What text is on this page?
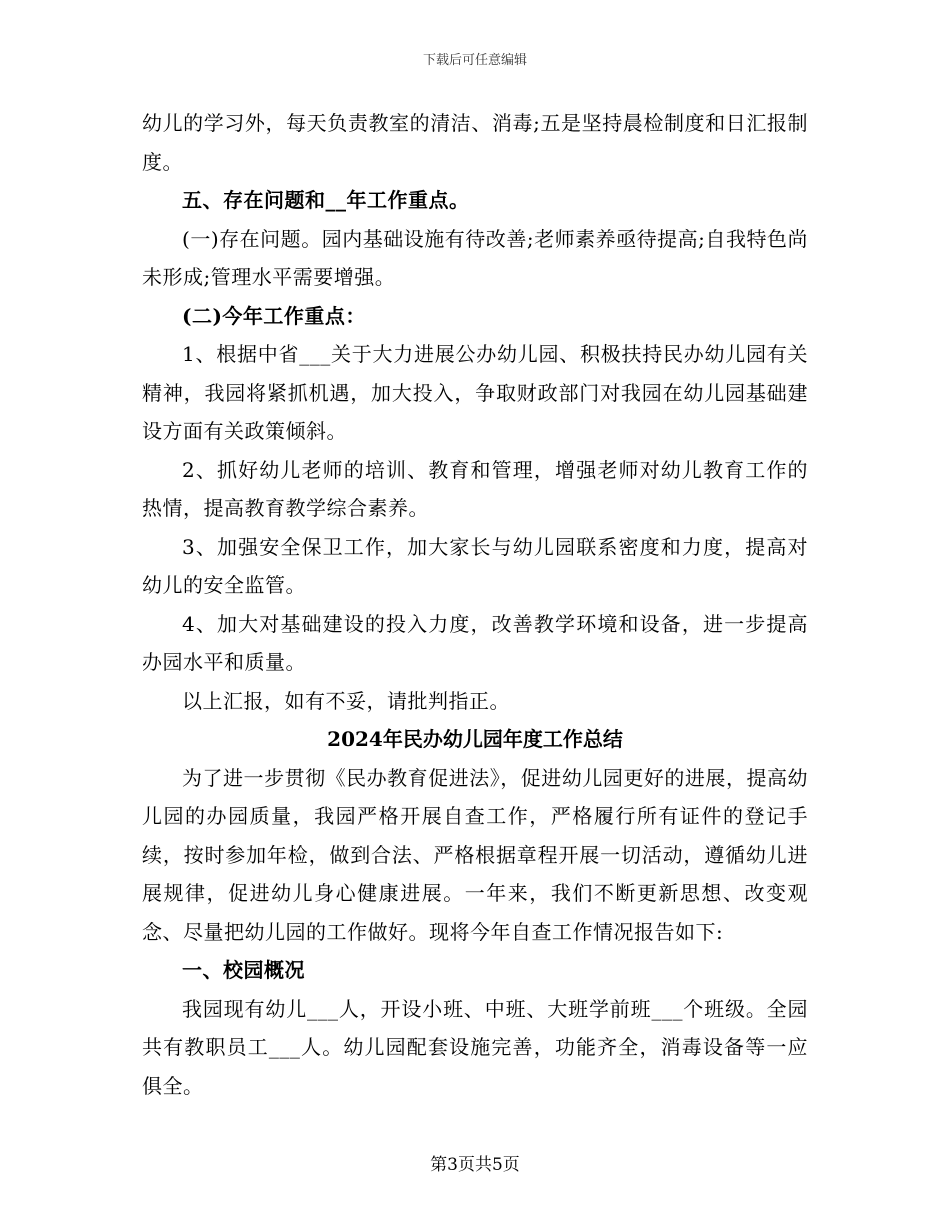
下载后可任意编辑

幼儿的学习外，每天负责教室的清洁、消毒;五是坚持晨检制度和日汇报制度。

五、存在问题和__年工作重点。

(一)存在问题。园内基础设施有待改善;老师素养亟待提高;自我特色尚未形成;管理水平需要增强。

(二)今年工作重点：

1、根据中省___关于大力进展公办幼儿园、积极扶持民办幼儿园有关精神，我园将紧抓机遇，加大投入，争取财政部门对我园在幼儿园基础建设方面有关政策倾斜。

2、抓好幼儿老师的培训、教育和管理，增强老师对幼儿教育工作的热情，提高教育教学综合素养。

3、加强安全保卫工作，加大家长与幼儿园联系密度和力度，提高对幼儿的安全监管。

4、加大对基础建设的投入力度，改善教学环境和设备，进一步提高办园水平和质量。

以上汇报，如有不妥，请批判指正。

2024年民办幼儿园年度工作总结

为了进一步贯彻《民办教育促进法》，促进幼儿园更好的进展，提高幼儿园的办园质量，我园严格开展自查工作，严格履行所有证件的登记手续，按时参加年检，做到合法、严格根据章程开展一切活动，遵循幼儿进展规律，促进幼儿身心健康进展。一年来，我们不断更新思想、改变观念、尽量把幼儿园的工作做好。现将今年自查工作情况报告如下:

一、校园概况

我园现有幼儿___人，开设小班、中班、大班学前班___个班级。全园共有教职员工___人。幼儿园配套设施完善，功能齐全，消毒设备等一应俱全。

第3页共5页
